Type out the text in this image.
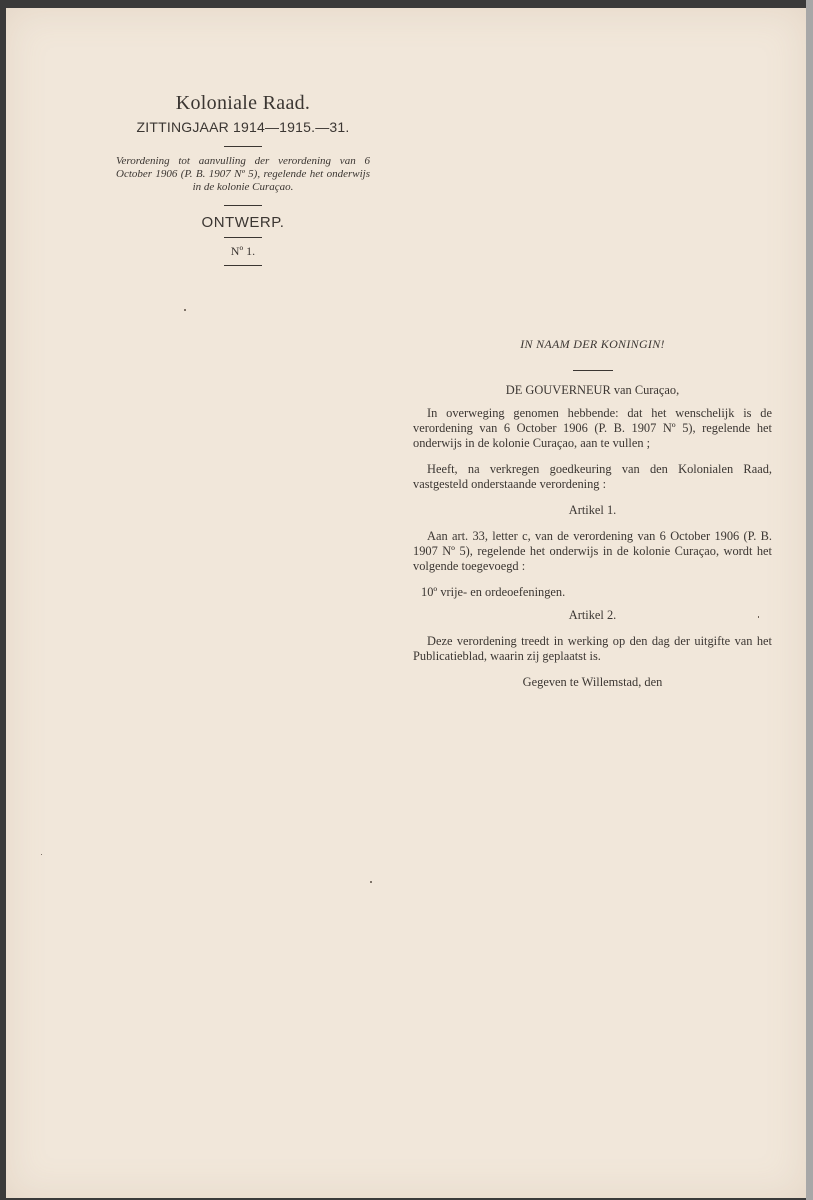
Koloniale Raad.
ZITTINGJAAR 1914—1915.—31.
Verordening tot aanvulling der verordening van 6 October 1906 (P. B. 1907 Nº 5), regelende het onderwijs in de kolonie Curaçao.
ONTWERP.
Nº 1.
IN NAAM DER KONINGIN!
DE GOUVERNEUR van Curaçao,

In overweging genomen hebbende: dat het wenschelijk is de verordening van 6 October 1906 (P. B. 1907 Nº 5), regelende het onderwijs in de kolonie Curaçao, aan te vullen ;

Heeft, na verkregen goedkeuring van den Kolonialen Raad, vastgesteld onderstaande verordening :

Artikel 1.

Aan art. 33, letter c, van de verordening van 6 October 1906 (P. B. 1907 Nº 5), regelende het onderwijs in de kolonie Curaçao, wordt het volgende toegevoegd :

10º vrije- en ordeoefeningen.
Artikel 2.

Deze verordening treedt in werking op den dag der uitgifte van het Publicatieblad, waarin zij geplaatst is.

Gegeven te Willemstad, den
